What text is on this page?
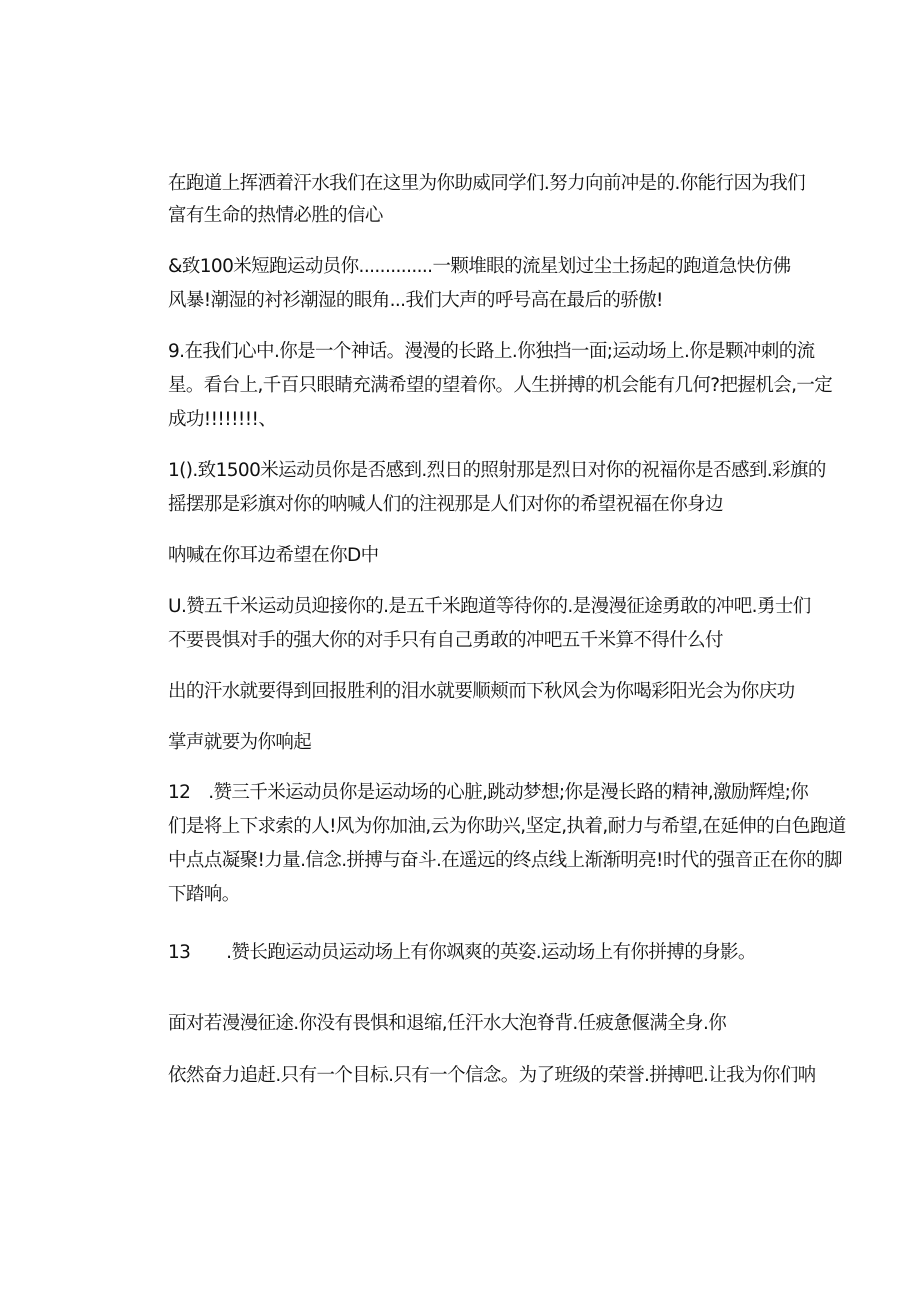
在跑道上挥洒着汗水我们在这里为你助威同学们.努力向前冲是的.你能行因为我们

富有生命的热情必胜的信心

&致100米短跑运动员你..............一颗堆眼的流星划过尘土扬起的跑道急快仿佛

风暴!潮湿的衬衫潮湿的眼角...我们大声的呼号高在最后的骄傲!

9.在我们心中.你是一个神话。漫漫的长路上.你独挡一面;运动场上.你是颗冲刺的流

星。看台上,千百只眼睛充满希望的望着你。人生拼搏的机会能有几何?把握机会,一定

成功!!!!!!!!、

1().致1500米运动员你是否感到.烈日的照射那是烈日对你的祝福你是否感到.彩旗的

摇摆那是彩旗对你的呐喊人们的注视那是人们对你的希望祝福在你身边

呐喊在你耳边希望在你D中

U.赞五千米运动员迎接你的.是五千米跑道等待你的.是漫漫征途勇敢的冲吧.勇士们

不要畏惧对手的强大你的对手只有自己勇敢的冲吧五千米算不得什么付

出的汗水就要得到回报胜利的泪水就要顺颊而下秋风会为你喝彩阳光会为你庆功

掌声就要为你响起

12　.赞三千米运动员你是运动场的心脏,跳动梦想;你是漫长路的精神,激励辉煌;你

们是将上下求索的人!风为你加油,云为你助兴,坚定,执着,耐力与希望,在延伸的白色跑道

中点点凝聚!力量.信念.拼搏与奋斗.在遥远的终点线上渐渐明亮!时代的强音正在你的脚

下踏响。

13　　.赞长跑运动员运动场上有你飒爽的英姿.运动场上有你拼搏的身影。

面对若漫漫征途.你没有畏惧和退缩,任汗水大泡脊背.任疲惫偃满全身.你

依然奋力追赶.只有一个目标.只有一个信念。为了班级的荣誉.拼搏吧.让我为你们呐
